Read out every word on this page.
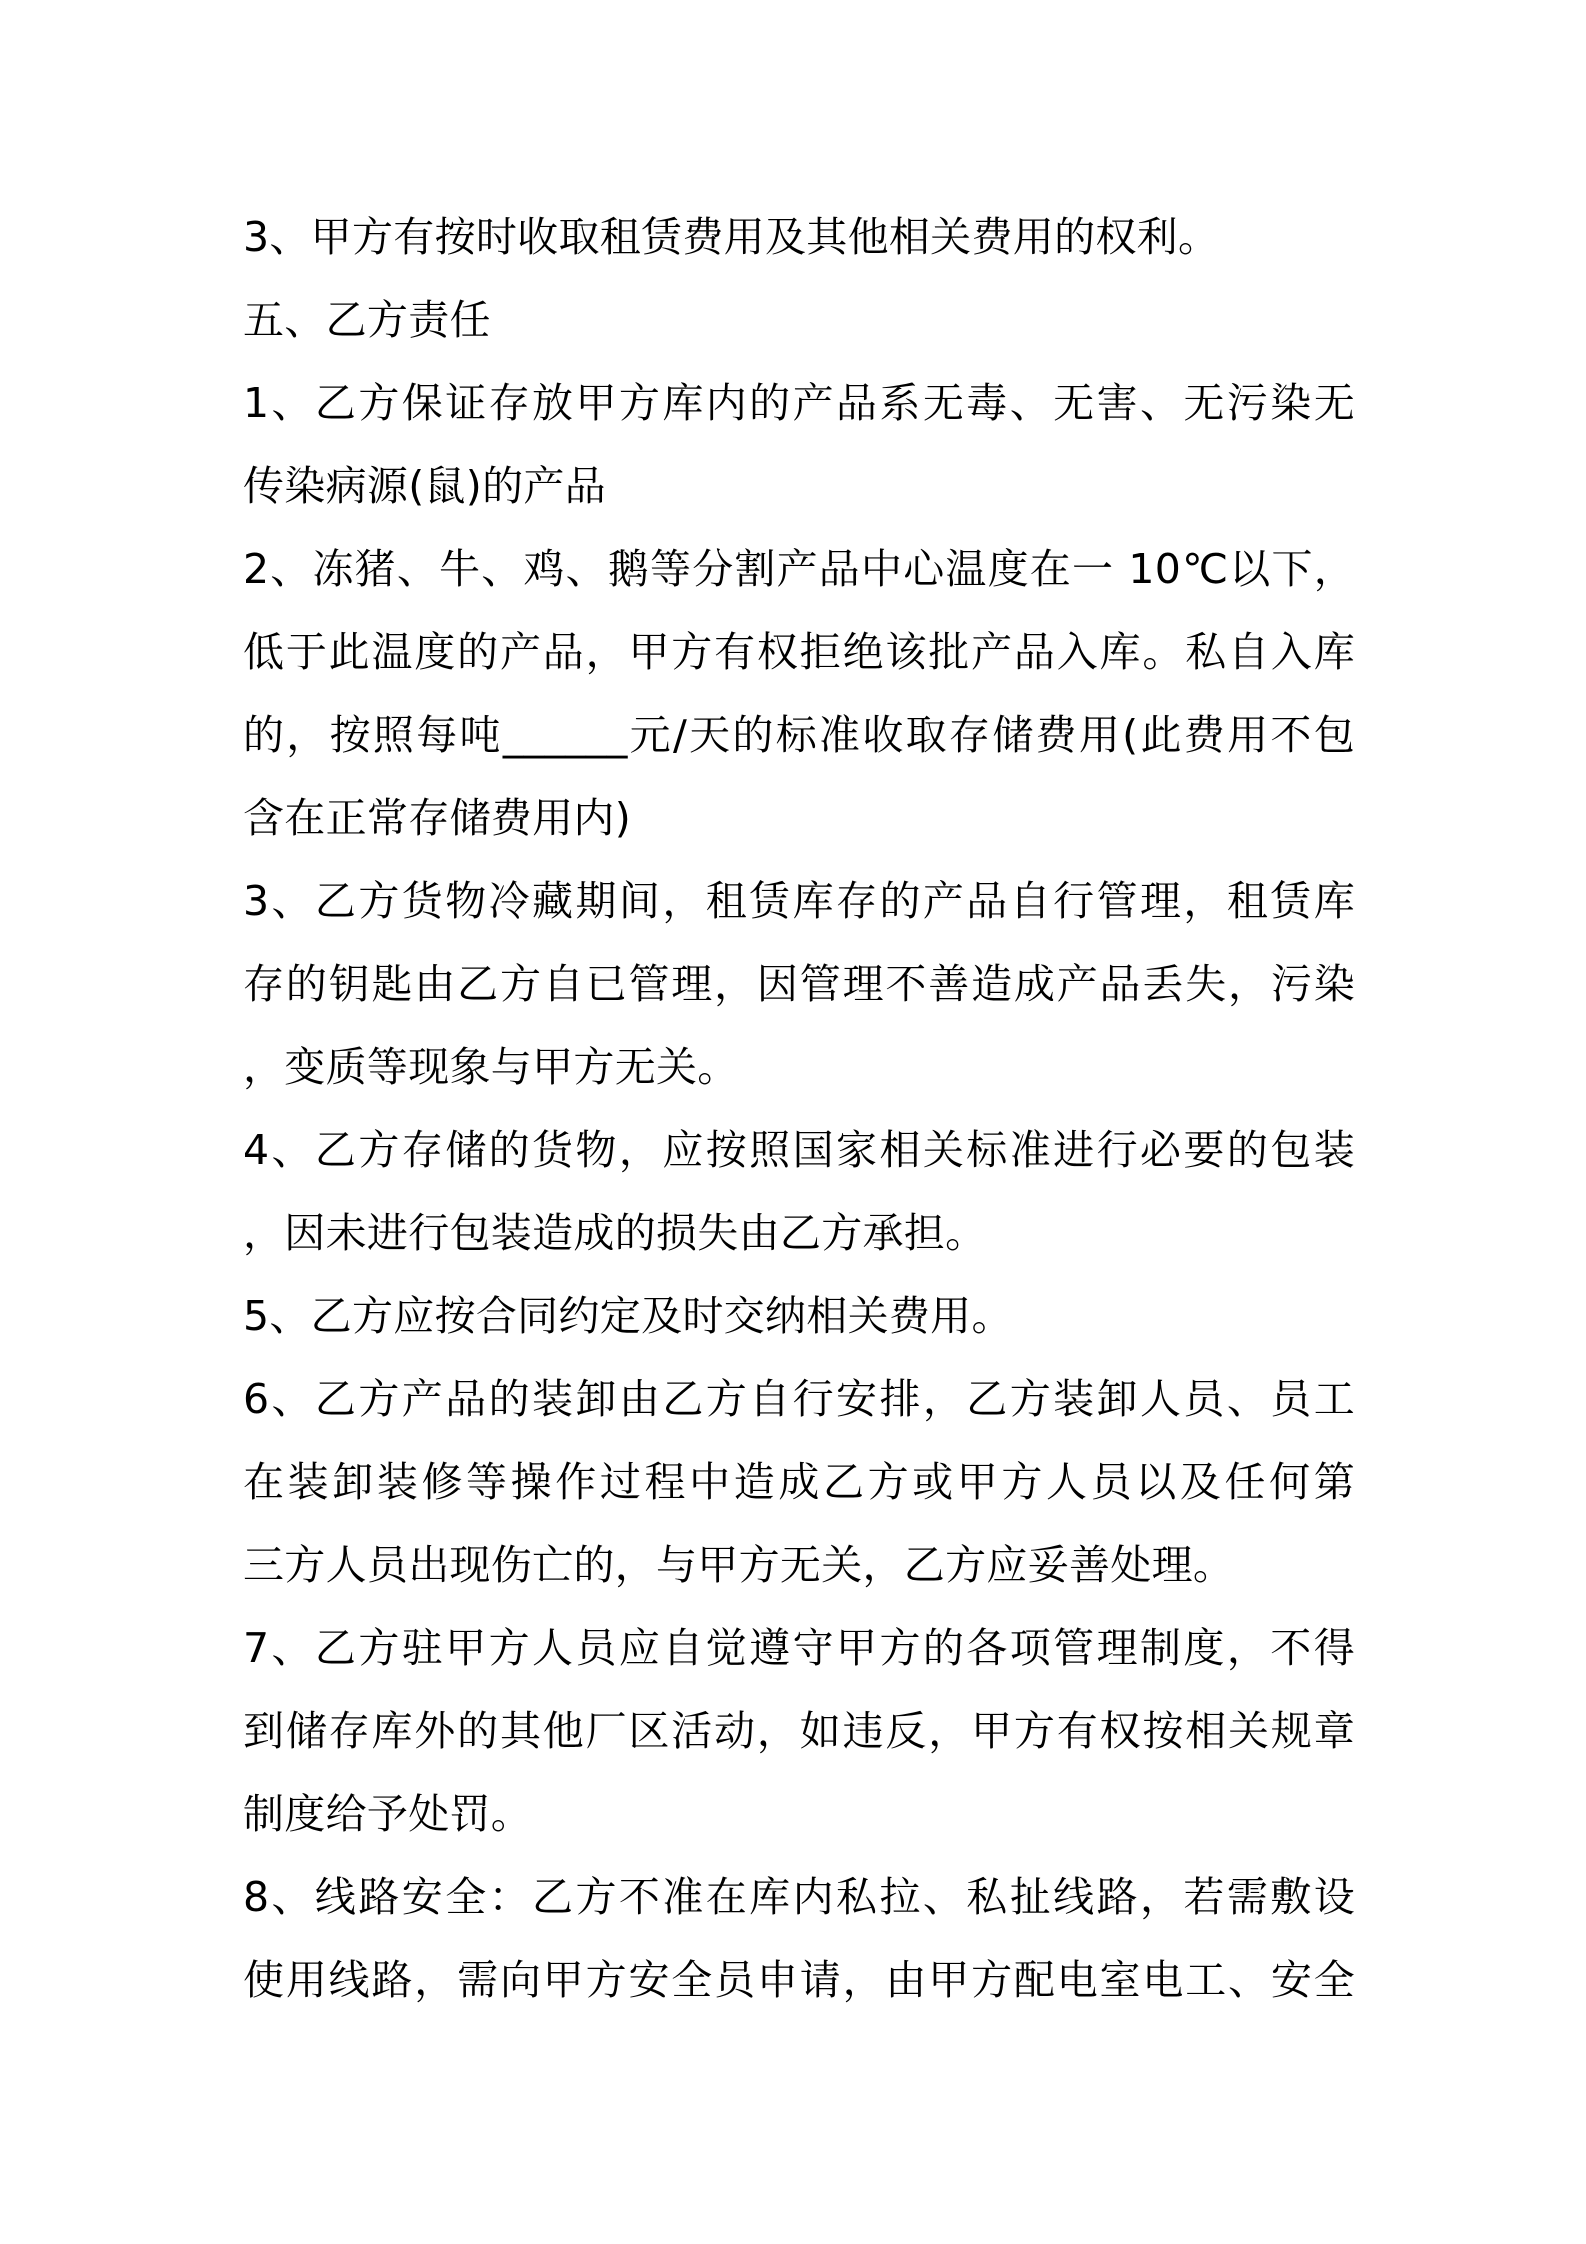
3、甲方有按时收取租赁费用及其他相关费用的权利。
五、乙方责任
1、乙方保证存放甲方库内的产品系无毒、无害、无污染无
传染病源(鼠)的产品
2、冻猪、牛、鸡、鹅等分割产品中心温度在一 10℃以下，
低于此温度的产品，甲方有权拒绝该批产品入库。私自入库
的，按照每吨______元/天的标准收取存储费用(此费用不包
含在正常存储费用内)
3、乙方货物冷藏期间，租赁库存的产品自行管理，租赁库
存的钥匙由乙方自已管理，因管理不善造成产品丢失，污染
，变质等现象与甲方无关。
4、乙方存储的货物，应按照国家相关标准进行必要的包装
，因未进行包装造成的损失由乙方承担。
5、乙方应按合同约定及时交纳相关费用。
6、乙方产品的装卸由乙方自行安排，乙方装卸人员、员工
在装卸装修等操作过程中造成乙方或甲方人员以及任何第
三方人员出现伤亡的，与甲方无关，乙方应妥善处理。
7、乙方驻甲方人员应自觉遵守甲方的各项管理制度，不得
到储存库外的其他厂区活动，如违反，甲方有权按相关规章
制度给予处罚。
8、线路安全：乙方不准在库内私拉、私扯线路，若需敷设
使用线路，需向甲方安全员申请，由甲方配电室电工、安全
